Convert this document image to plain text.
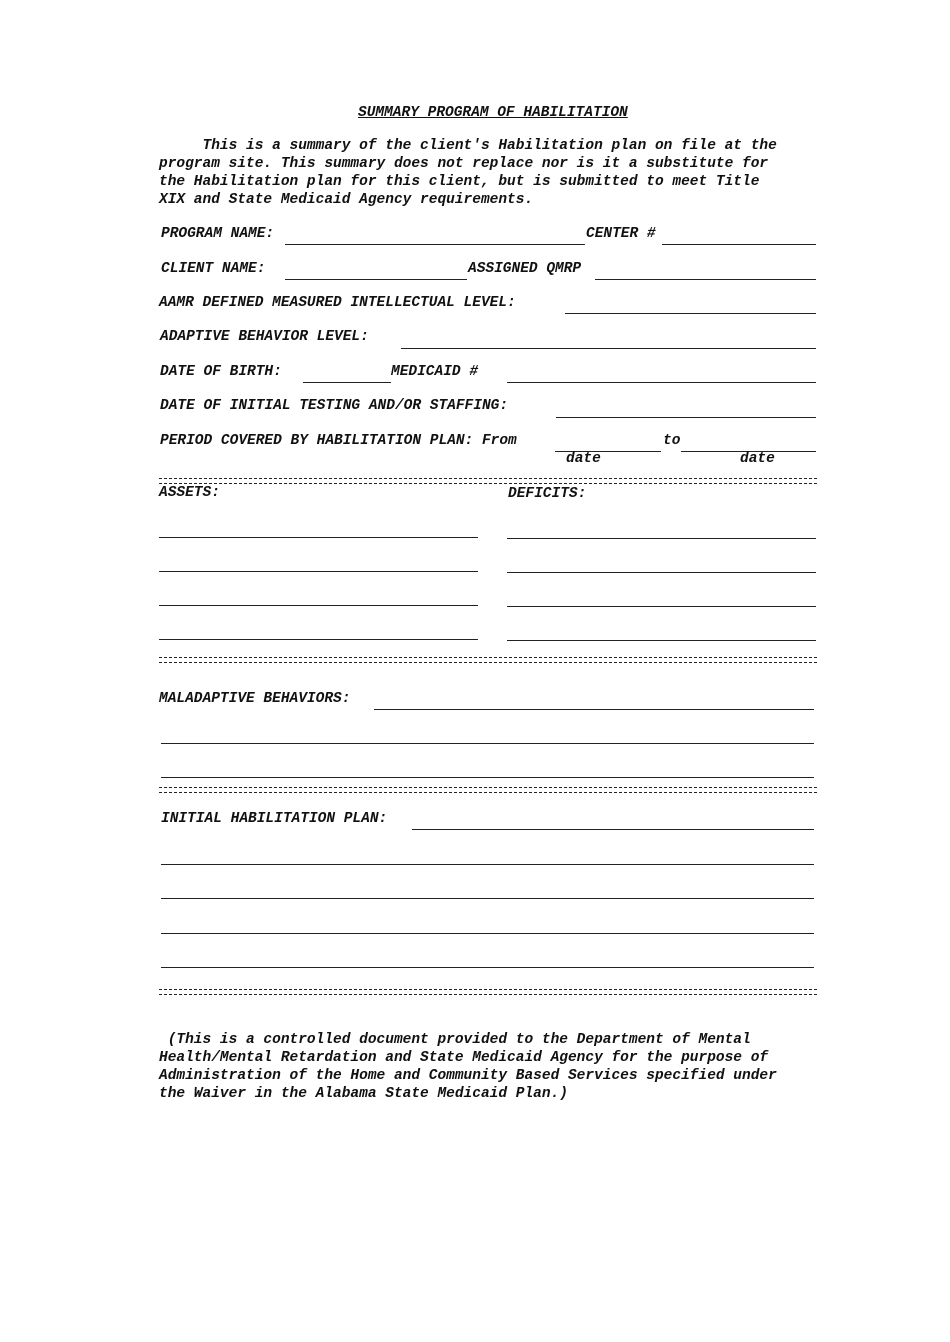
SUMMARY PROGRAM OF HABILITATION
This is a summary of the client's Habilitation plan on file at the
program site. This summary does not replace nor is it a substitute for
the Habilitation plan for this client, but is submitted to meet Title
XIX and State Medicaid Agency requirements.
PROGRAM NAME:	CENTER #
CLIENT NAME:	ASSIGNED QMRP
AAMR DEFINED MEASURED INTELLECTUAL LEVEL:
ADAPTIVE BEHAVIOR LEVEL:
DATE OF BIRTH:	MEDICAID #
DATE OF INITIAL TESTING AND/OR STAFFING:
PERIOD COVERED BY HABILITATION PLAN: From	to
date	date
ASSETS:	DEFICITS:
MALADAPTIVE BEHAVIORS:
INITIAL HABILITATION PLAN:
(This is a controlled document provided to the Department of Mental
Health/Mental Retardation and State Medicaid Agency for the purpose of
Administration of the Home and Community Based Services specified under
the Waiver in the Alabama State Medicaid Plan.)
